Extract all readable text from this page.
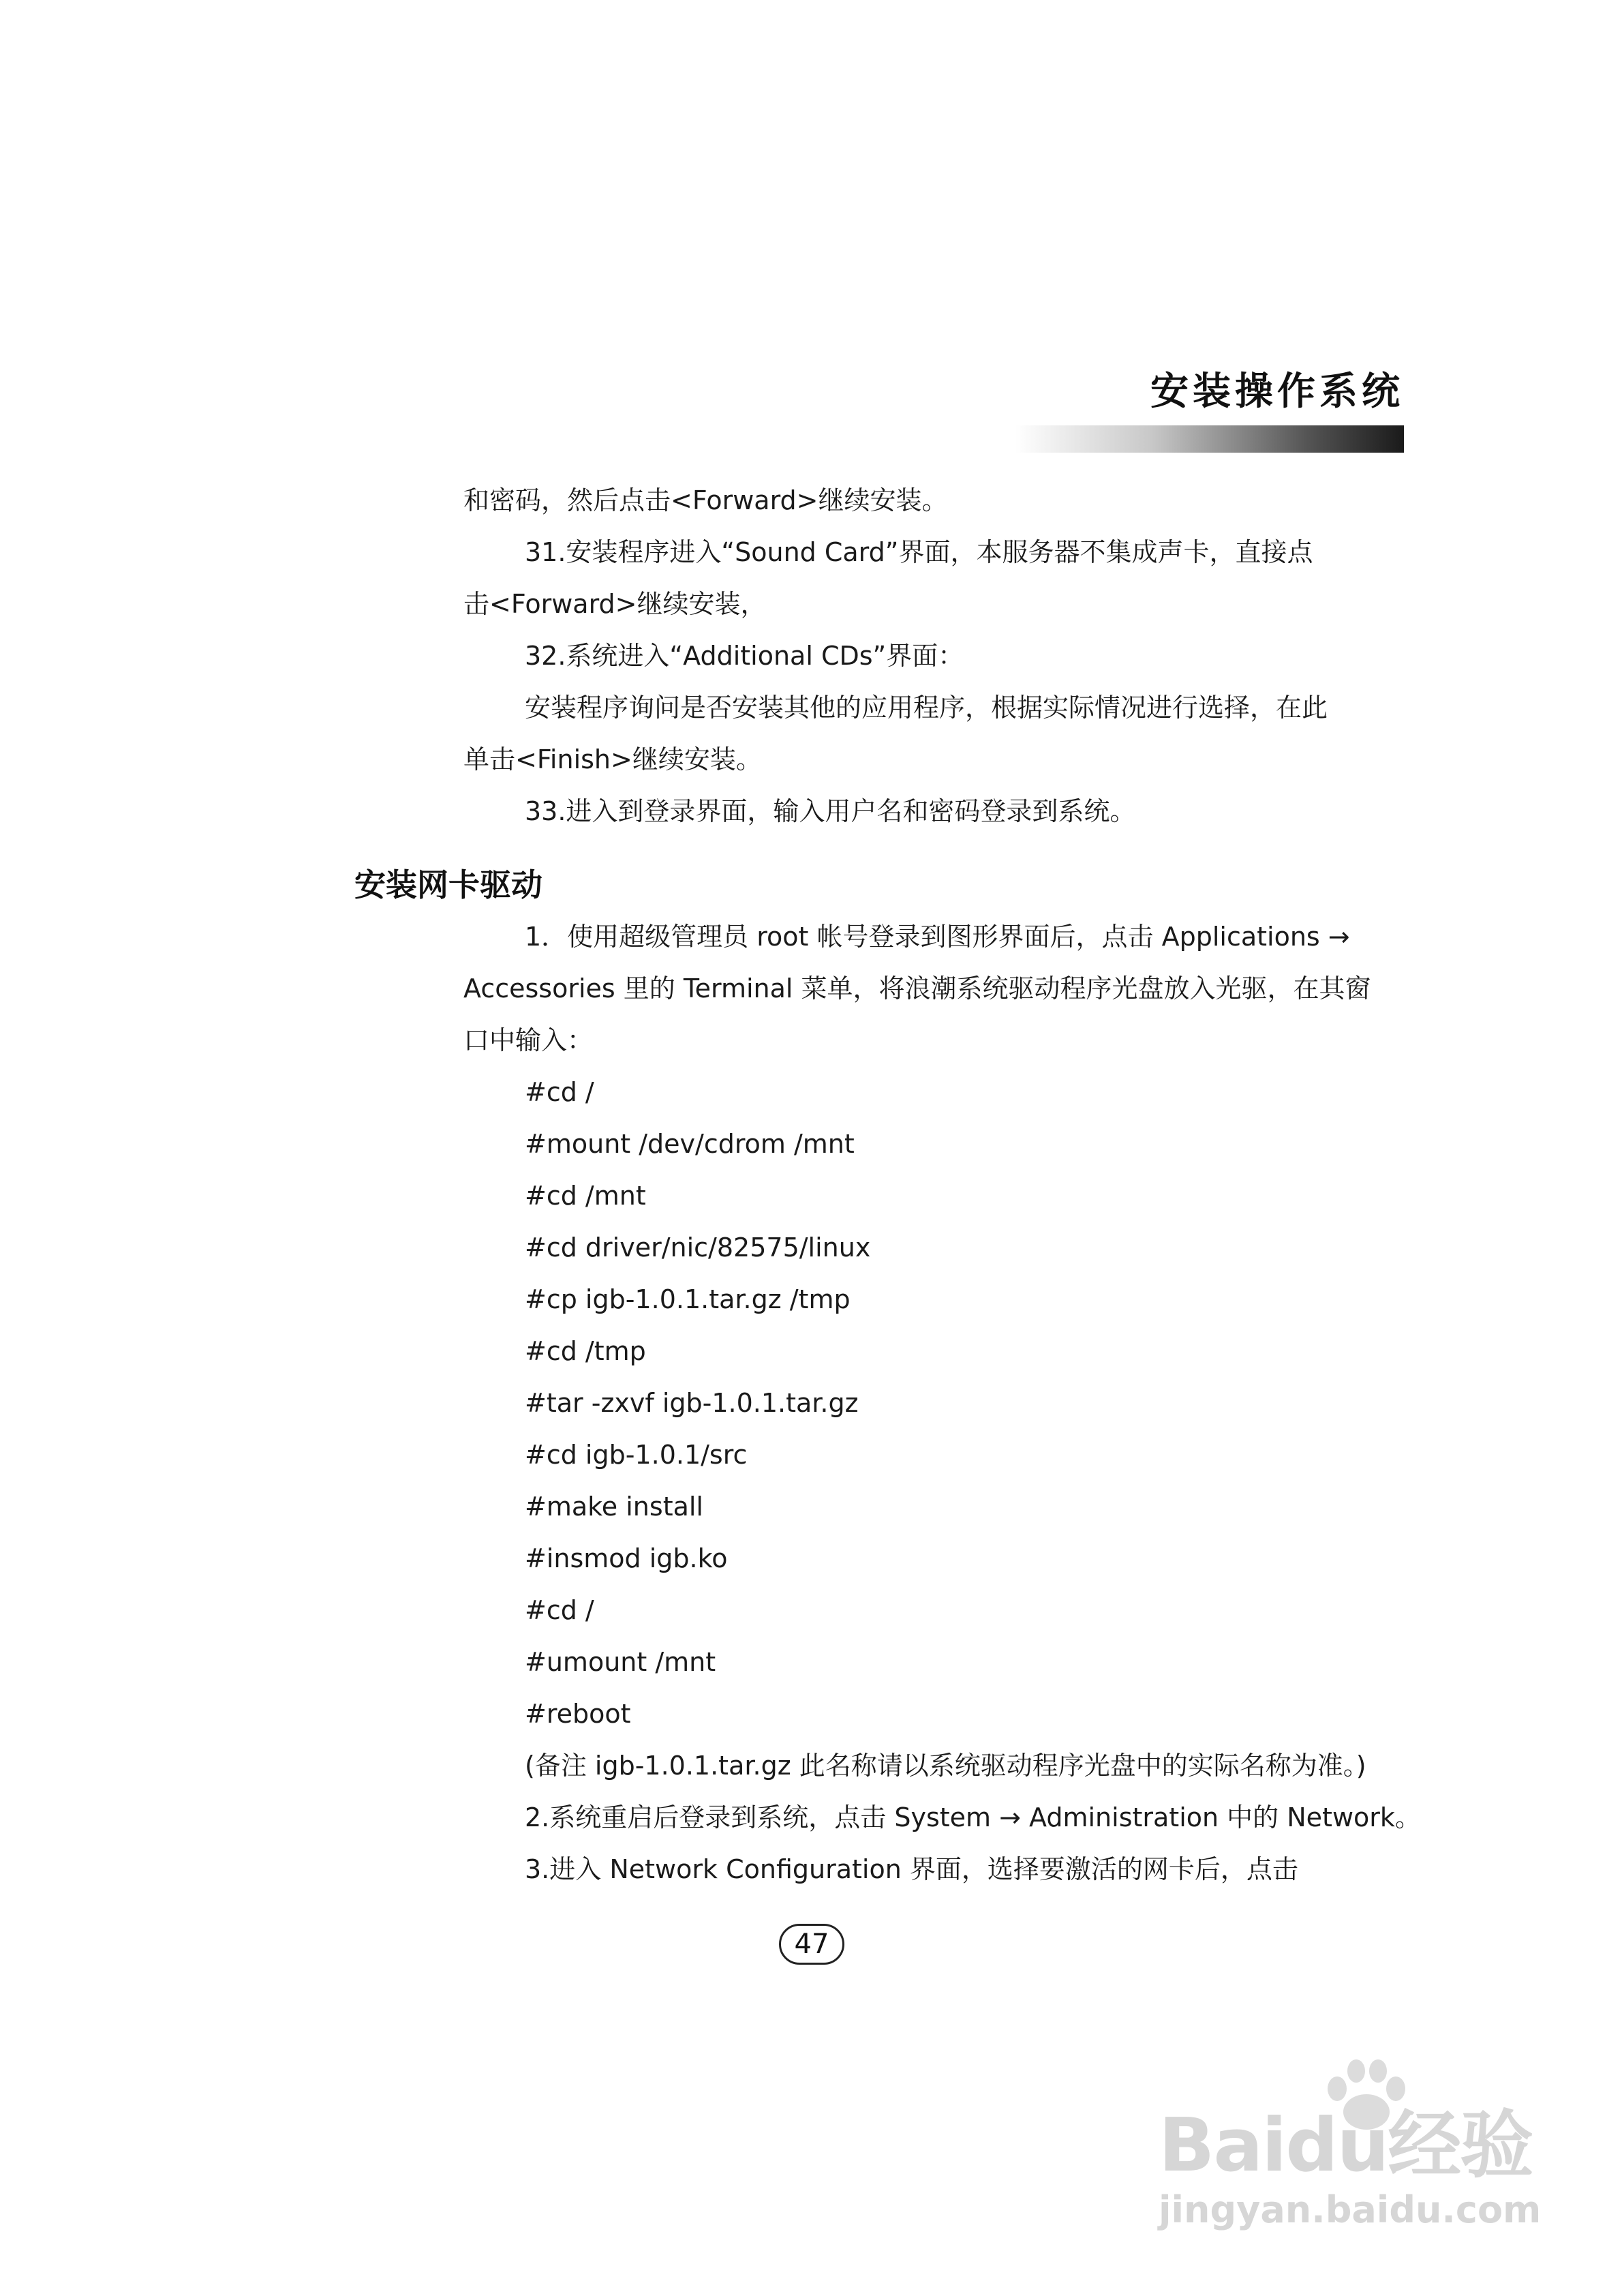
安装操作系统

和密码，然后点击<Forward>继续安装。

31.安装程序进入“Sound Card”界面，本服务器不集成声卡，直接点

击<Forward>继续安装，

32.系统进入“Additional CDs”界面：

安装程序询问是否安装其他的应用程序，根据实际情况进行选择，在此

单击<Finish>继续安装。

33.进入到登录界面，输入用户名和密码登录到系统。

安装网卡驱动

1．使用超级管理员 root 帐号登录到图形界面后，点击 Applications →

Accessories 里的 Terminal 菜单，将浪潮系统驱动程序光盘放入光驱，在其窗

口中输入：

#cd /

#mount /dev/cdrom /mnt

#cd /mnt

#cd driver/nic/82575/linux

#cp igb-1.0.1.tar.gz /tmp

#cd /tmp

#tar -zxvf igb-1.0.1.tar.gz

#cd igb-1.0.1/src

#make install

#insmod igb.ko

#cd /

#umount /mnt

#reboot

(备注 igb-1.0.1.tar.gz 此名称请以系统驱动程序光盘中的实际名称为准。)

2.系统重启后登录到系统，点击 System → Administration 中的 Network。

3.进入 Network Configuration 界面，选择要激活的网卡后，点击

47
Baidu经验
jingyan.baidu.com
